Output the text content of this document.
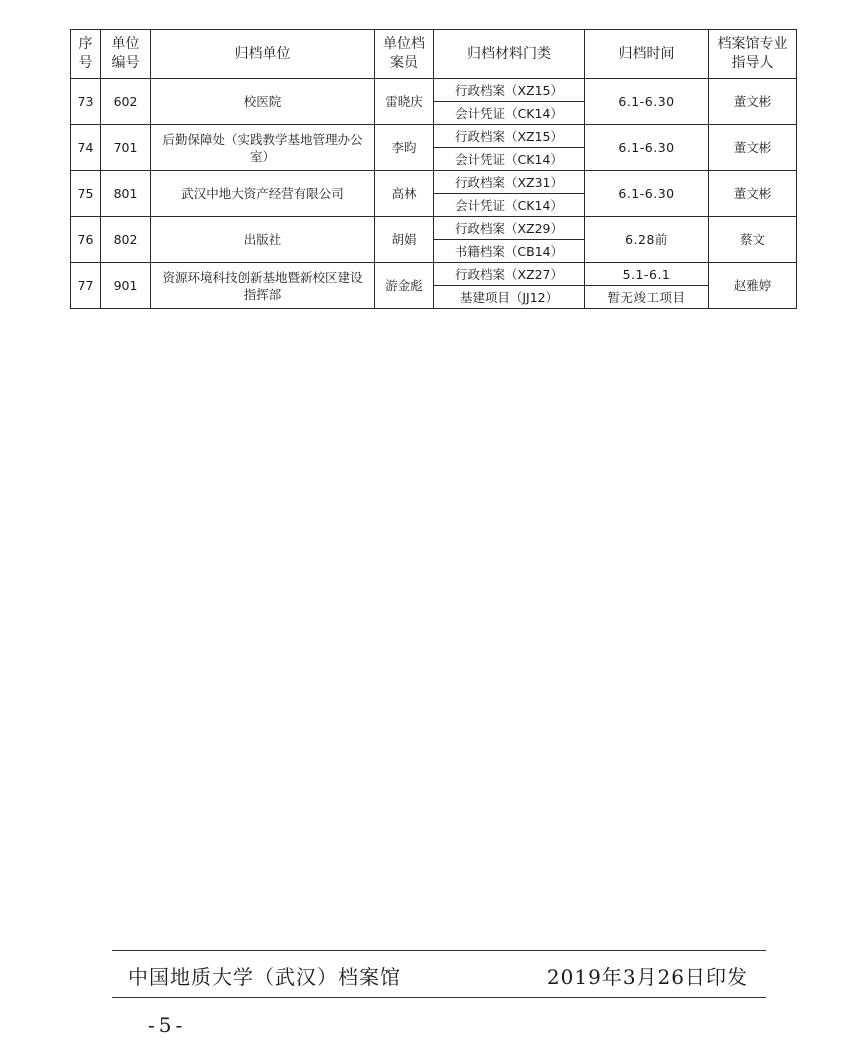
序号	单位编号	归档单位	单位档案员	归档材料门类	归档时间	档案馆专业指导人
73	602	校医院	雷晓庆	行政档案（XZ15）	6.1-6.30	董文彬
				会计凭证（CK14）		
74	701	后勤保障处（实践教学基地管理办公室）	李昀	行政档案（XZ15）	6.1-6.30	董文彬
				会计凭证（CK14）		
75	801	武汉中地大资产经营有限公司	高林	行政档案（XZ31）	6.1-6.30	董文彬
				会计凭证（CK14）		
76	802	出版社	胡娟	行政档案（XZ29）	6.28前	蔡文
				书籍档案（CB14）		
77	901	资源环境科技创新基地暨新校区建设指挥部	游金彪	行政档案（XZ27）	5.1-6.1	赵雅婷
				基建项目（JJ12）	暂无竣工项目	
中国地质大学（武汉）档案馆	2019年3月26日印发
-5-
